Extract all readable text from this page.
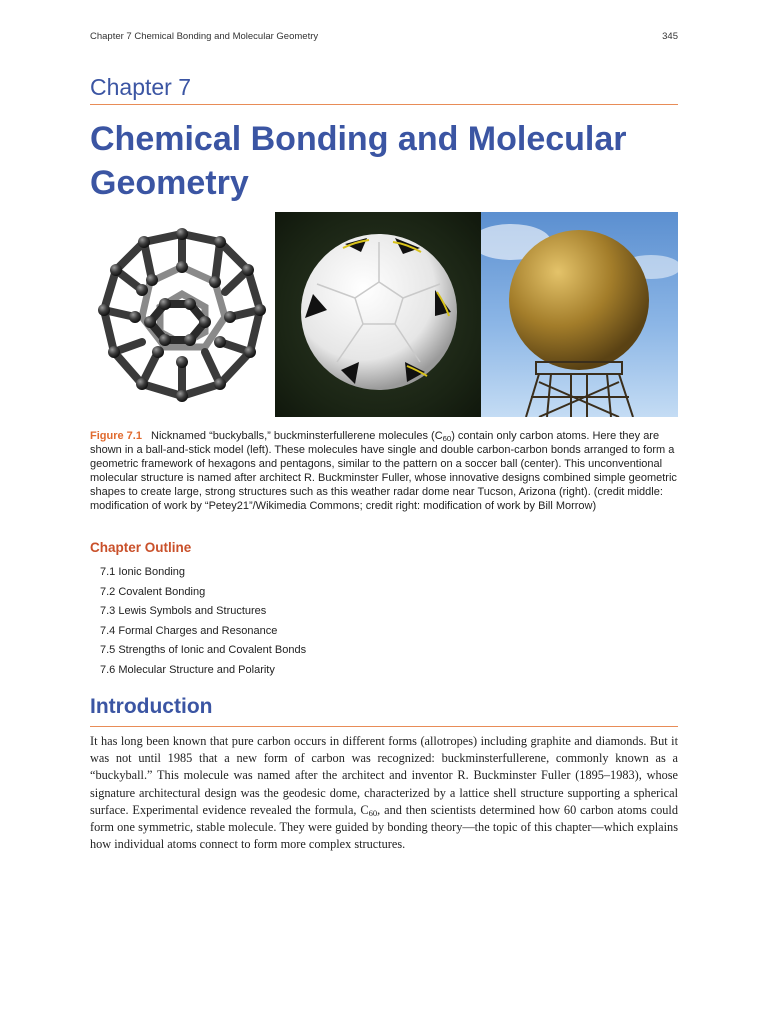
Chapter 7 Chemical Bonding and Molecular Geometry	345
Chapter 7
Chemical Bonding and Molecular Geometry
Figure 7.1 Nicknamed “buckyballs,” buckminsterfullerene molecules $(C_{60})$ contain only carbon atoms. Here they are shown in a ball-and-stick model (left). These molecules have single and double carbon-carbon bonds arranged to form a geometric framework of hexagons and pentagons, similar to the pattern on a soccer ball (center). This unconventional molecular structure is named after architect R. Buckminster Fuller, whose innovative designs combined simple geometric shapes to create large, strong structures such as this weather radar dome near Tucson, Arizona (right). (credit middle: modification of work by “Petey21”/Wikimedia Commons; credit right: modification of work by Bill Morrow)
Chapter Outline
7.1 Ionic Bonding
7.2 Covalent Bonding
7.3 Lewis Symbols and Structures
7.4 Formal Charges and Resonance
7.5 Strengths of Ionic and Covalent Bonds
7.6 Molecular Structure and Polarity
Introduction
It has long been known that pure carbon occurs in different forms (allotropes) including graphite and diamonds. But it was not until 1985 that a new form of carbon was recognized: buckminsterfullerene, commonly known as a “buckyball.” This molecule was named after the architect and inventor R. Buckminster Fuller (1895–1983), whose signature architectural design was the geodesic dome, characterized by a lattice shell structure supporting a spherical surface. Experimental evidence revealed the formula, $C_{60}$, and then scientists determined how 60 carbon atoms could form one symmetric, stable molecule. They were guided by bonding theory—the topic of this chapter—which explains how individual atoms connect to form more complex structures.
